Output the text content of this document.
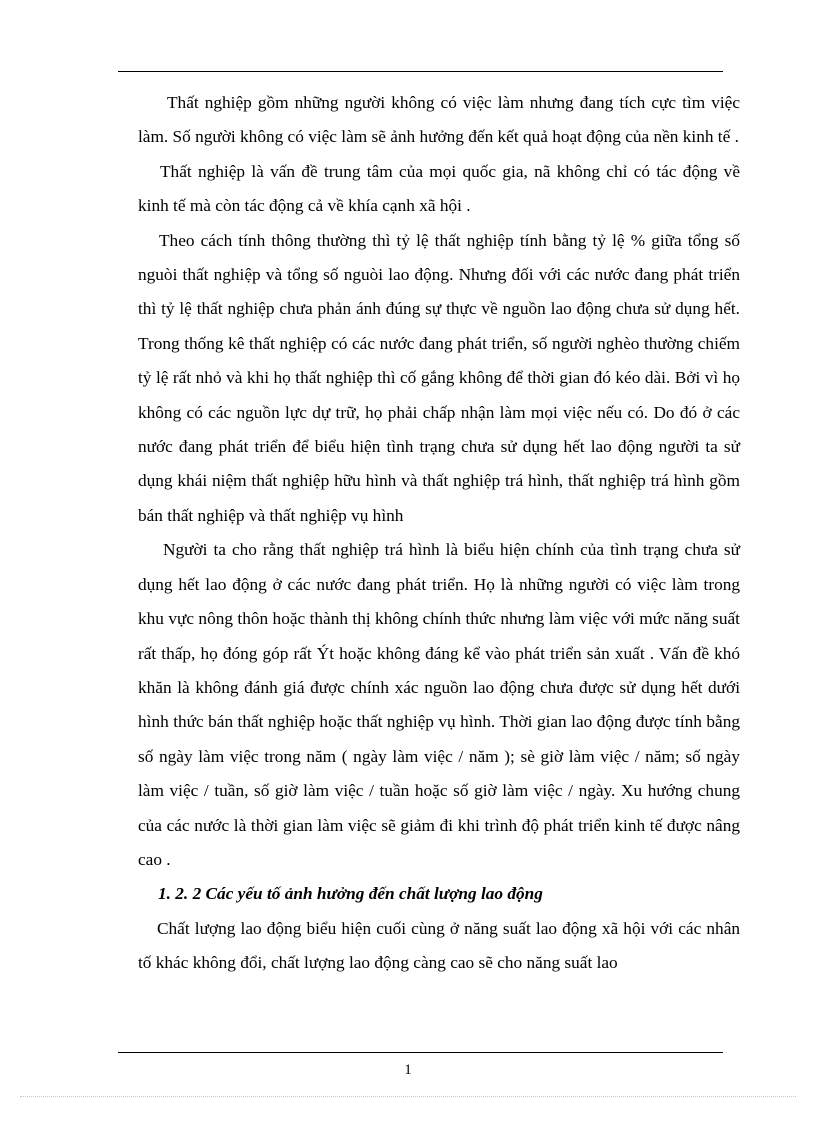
Thất nghiệp gồm những người không có việc làm nhưng đang tích cực tìm việc làm. Số người không có việc làm sẽ ảnh hưởng đến kết quả hoạt động của nền kinh tế .

Thất nghiệp là vấn đề trung tâm của mọi quốc gia, nã không chỉ có tác động về kinh tế mà còn tác động cả về khía cạnh xã hội .

Theo cách tính thông thường thì tỷ lệ thất nghiệp tính bằng tỷ lệ % giữa tổng số nguòi thất nghiệp và tổng số nguòi lao động. Nhưng đối với các nước đang phát triển thì tỷ lệ thất nghiệp chưa phản ánh đúng sự thực về nguồn lao động chưa sử dụng hết. Trong thống kê thất nghiệp có các nước đang phát triển, số người nghèo thường chiếm tỷ lệ rất nhỏ và khi họ thất nghiệp thì cố gắng không để thời gian đó kéo dài. Bởi vì họ không có các nguồn lực dự trữ, họ phải chấp nhận làm mọi việc nếu có. Do đó ở các nước đang phát triển để biểu hiện tình trạng chưa sử dụng hết lao động người ta sử dụng khái niệm thất nghiệp hữu hình và thất nghiệp trá hình, thất nghiệp trá hình gồm bán thất nghiệp và thất nghiệp vụ hình

Người ta cho rằng thất nghiệp trá hình là biểu hiện chính của tình trạng chưa sử dụng hết lao động ở các nước đang phát triển. Họ là những người có việc làm trong khu vực nông thôn hoặc thành thị không chính thức nhưng làm việc với mức năng suất rất thấp, họ đóng góp rất Ýt hoặc không đáng kể vào phát triển sản xuất . Vấn đề khó khăn là không đánh giá được chính xác nguồn lao động chưa được sử dụng hết dưới hình thức bán thất nghiệp hoặc thất nghiệp vụ hình. Thời gian lao động được tính bằng số ngày làm việc trong năm ( ngày làm việc / năm ); sè giờ làm việc / năm; số ngày làm việc / tuần, số giờ làm việc / tuần hoặc số giờ làm việc / ngày. Xu hướng chung của các nước là thời gian làm việc sẽ giảm đi khi trình độ phát triển kinh tế được nâng cao .

1. 2. 2 Các yếu tố ảnh hưởng đến chất lượng lao động

Chất lượng lao động biểu hiện cuối cùng ở năng suất lao động xã hội với các nhân tố khác không đổi, chất lượng lao động càng cao sẽ cho năng suất lao

1
